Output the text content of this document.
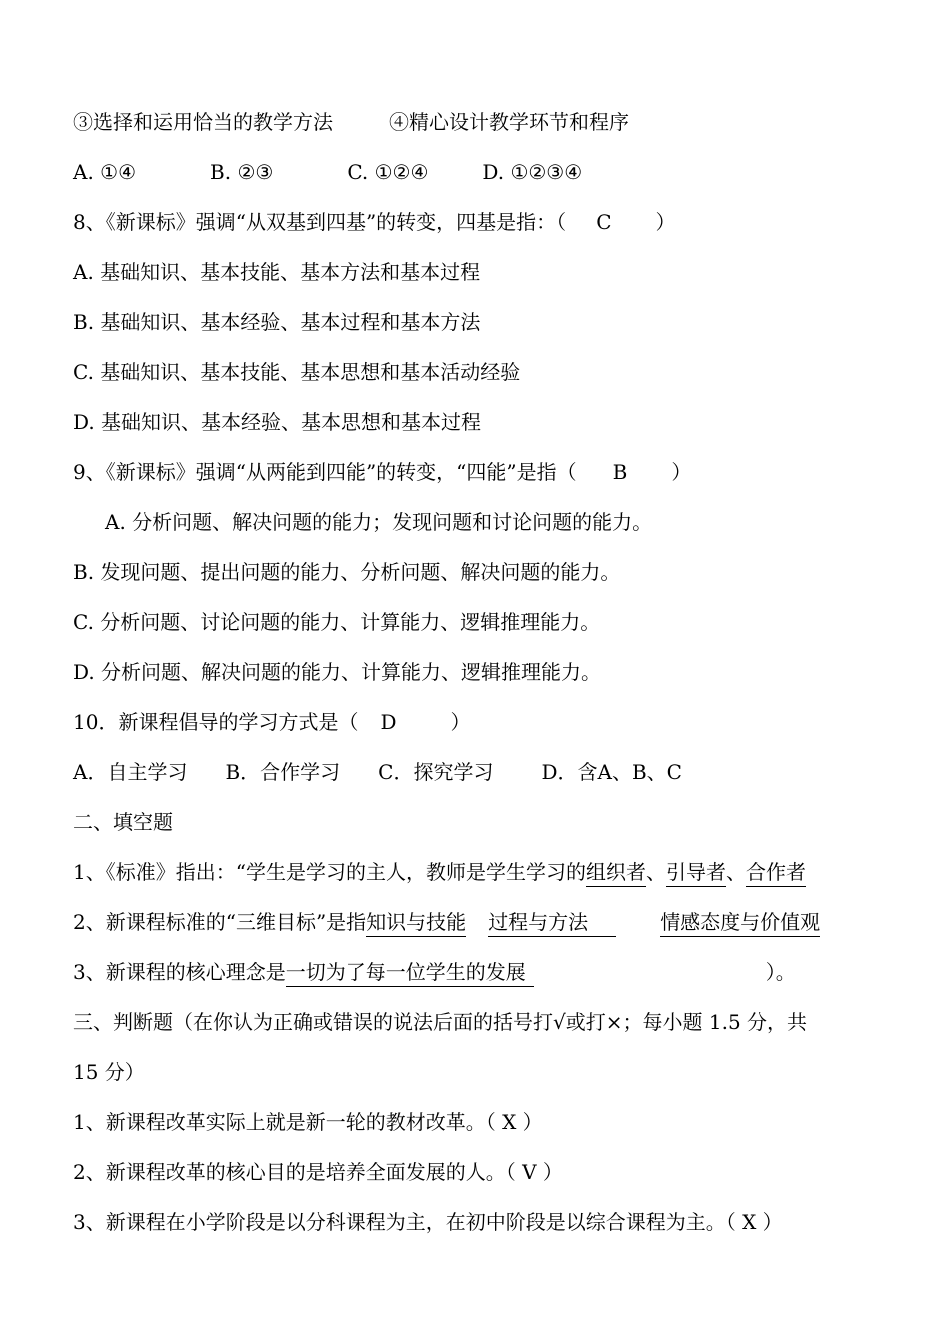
③选择和运用恰当的教学方法	④精心设计教学环节和程序
A. ①④	B. ②③	C. ①②④	D. ①②③④
8、《新课标》强调“从双基到四基”的转变，四基是指：（ C ）
A. 基础知识、基本技能、基本方法和基本过程
B. 基础知识、基本经验、基本过程和基本方法
C. 基础知识、基本技能、基本思想和基本活动经验
D. 基础知识、基本经验、基本思想和基本过程
9、《新课标》强调“从两能到四能”的转变，“四能”是指（ B ）
A. 分析问题、解决问题的能力；发现问题和讨论问题的能力。
B. 发现问题、提出问题的能力、分析问题、解决问题的能力。
C. 分析问题、讨论问题的能力、计算能力、逻辑推理能力。
D. 分析问题、解决问题的能力、计算能力、逻辑推理能力。
10．新课程倡导的学习方式是（ D	）
A．自主学习 B．合作学习 C．探究学习 D．含A、B、C
二、填空题
1、《标准》指出：“学生是学习的主人，教师是学生学习的组织者、引导者、合作者
2、新课程标准的“三维目标”是指知识与技能 过程与方法	情感态度与价值观
3、新课程的核心理念是一切为了每一位学生的发展	）。
三、判断题（在你认为正确或错误的说法后面的括号打√或打×；每小题 1.5 分，共
15 分）
1、新课程改革实际上就是新一轮的教材改革。（ X ）
2、新课程改革的核心目的是培养全面发展的人。（ V ）
3、新课程在小学阶段是以分科课程为主，在初中阶段是以综合课程为主。（ X ）
